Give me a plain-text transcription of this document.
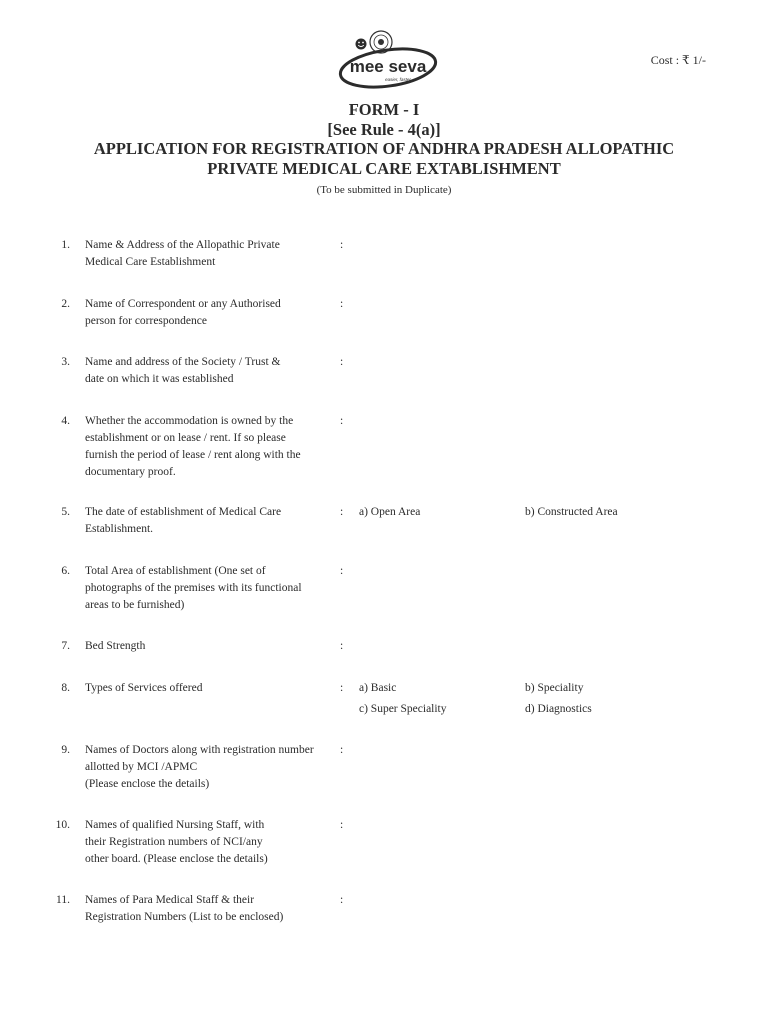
mee seva
easier, faster
Cost : ₹ 1/-
FORM - I
[See Rule - 4(a)]
APPLICATION FOR REGISTRATION OF ANDHRA PRADESH ALLOPATHIC
PRIVATE MEDICAL CARE EXTABLISHMENT
(To be submitted in Duplicate)
1. Name & Address of the Allopathic Private
Medical Care Establishment
:
2. Name of Correspondent or any Authorised
person for correspondence
:
3. Name and address of the Society / Trust &
date on which it was established
:
4. Whether the accommodation is owned by the
establishment or on lease / rent. If so please
furnish the period of lease / rent along with the
documentary proof.
:
5. The date of establishment of Medical Care
Establishment.
: a) Open Area	b) Constructed Area
6. Total Area of establishment (One set of
photographs of the premises with its functional
areas to be furnished)
:
7. Bed Strength	:
8. Types of Services offered	: a) Basic	b) Speciality
c) Super Speciality	d) Diagnostics
9. Names of Doctors along with registration number
allotted by MCI /APMC
(Please enclose the details)
:
10. Names of qualified Nursing Staff, with
their Registration numbers of NCI/any
other board. (Please enclose the details)
:
11. Names of Para Medical Staff & their
Registration Numbers (List to be enclosed)
:
